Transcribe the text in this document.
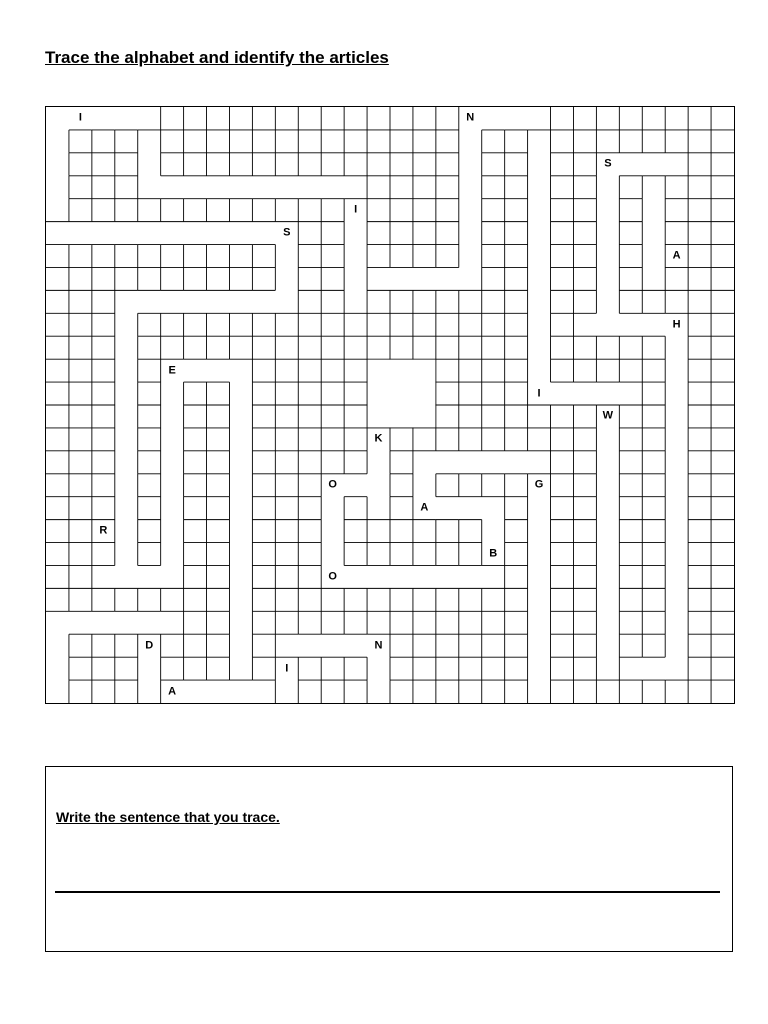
Trace the alphabet and identify the articles
I	N
S
I
S
A
H
E
I
W
K
O	G
A
R
B
O
D	N
I
A
Write the sentence that you trace.
